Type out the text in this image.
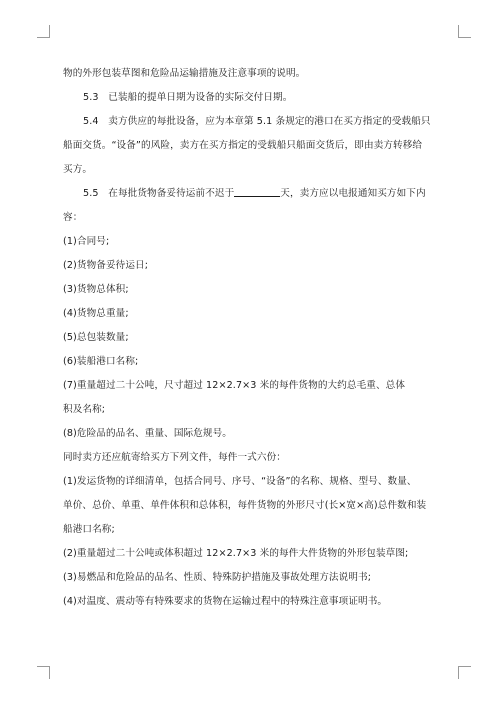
物的外形包装草图和危险品运输措施及注意事项的说明。

5.3　已装船的提单日期为设备的实际交付日期。

5.4　卖方供应的每批设备，应为本章第 5.1 条规定的港口在买方指定的受载船只

船面交货。“设备”的风险，卖方在买方指定的受载船只船面交货后，即由卖方转移给

买方。

5.5　在每批货物备妥待运前不迟于	天，卖方应以电报通知买方如下内

容：

(1)合同号;

(2)货物备妥待运日;

(3)货物总体积;

(4)货物总重量;

(5)总包装数量;

(6)装船港口名称;

(7)重量超过二十公吨，尺寸超过 12×2.7×3 米的每件货物的大约总毛重、总体

积及名称;

(8)危险品的品名、重量、国际危规号。

同时卖方还应航寄给买方下列文件，每件一式六份：

(1)发运货物的详细清单，包括合同号、序号、“设备”的名称、规格、型号、数量、

单价、总价、单重、单件体积和总体积，每件货物的外形尺寸(长×宽×高)总件数和装

船港口名称;

(2)重量超过二十公吨或体积超过 12×2.7×3 米的每件大件货物的外形包装草图;

(3)易燃品和危险品的品名、性质、特殊防护措施及事故处理方法说明书;

(4)对温度、震动等有特殊要求的货物在运输过程中的特殊注意事项证明书。
